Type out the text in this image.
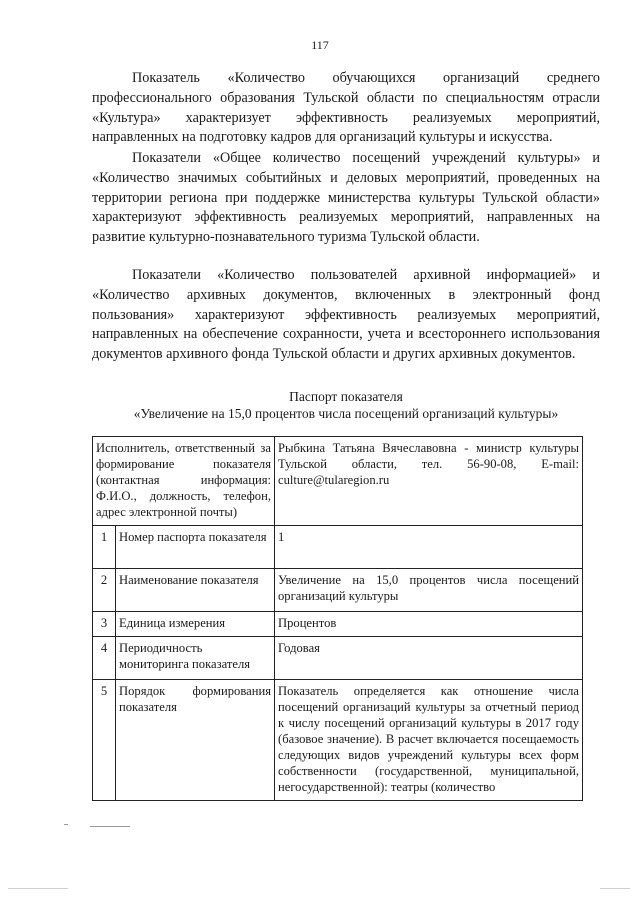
117

Показатель «Количество обучающихся организаций среднего профессионального образования Тульской области по специальностям отрасли «Культура» характеризует эффективность реализуемых мероприятий, направленных на подготовку кадров для организаций культуры и искусства.

Показатели «Общее количество посещений учреждений культуры» и «Количество значимых событийных и деловых мероприятий, проведенных на территории региона при поддержке министерства культуры Тульской области» характеризуют эффективность реализуемых мероприятий, направленных на развитие культурно-познавательного туризма Тульской области.

Показатели «Количество пользователей архивной информацией» и «Количество архивных документов, включенных в электронный фонд пользования» характеризуют эффективность реализуемых мероприятий, направленных на обеспечение сохранности, учета и всестороннего использования документов архивного фонда Тульской области и других архивных документов.

Паспорт показателя
«Увеличение на 15,0 процентов числа посещений организаций культуры»
Исполнитель, ответственный за формирование показателя (контактная информация: Ф.И.О., должность, телефон, адрес электронной почты)		Рыбкина Татьяна Вячеславовна - министр культуры Тульской области, тел. 56-90-08, E-mail: culture@tularegion.ru
1	Номер паспорта показателя	1
2	Наименование показателя	Увеличение на 15,0 процентов числа посещений организаций культуры
3	Единица измерения	Процентов
4	Периодичность мониторинга показателя	Годовая
5	Порядок формирования показателя	Показатель определяется как отношение числа посещений организаций культуры за отчетный период к числу посещений организаций культуры в 2017 году (базовое значение). В расчет включается посещаемость следующих видов учреждений культуры всех форм собственности (государственной, муниципальной, негосударственной): театры (количество
